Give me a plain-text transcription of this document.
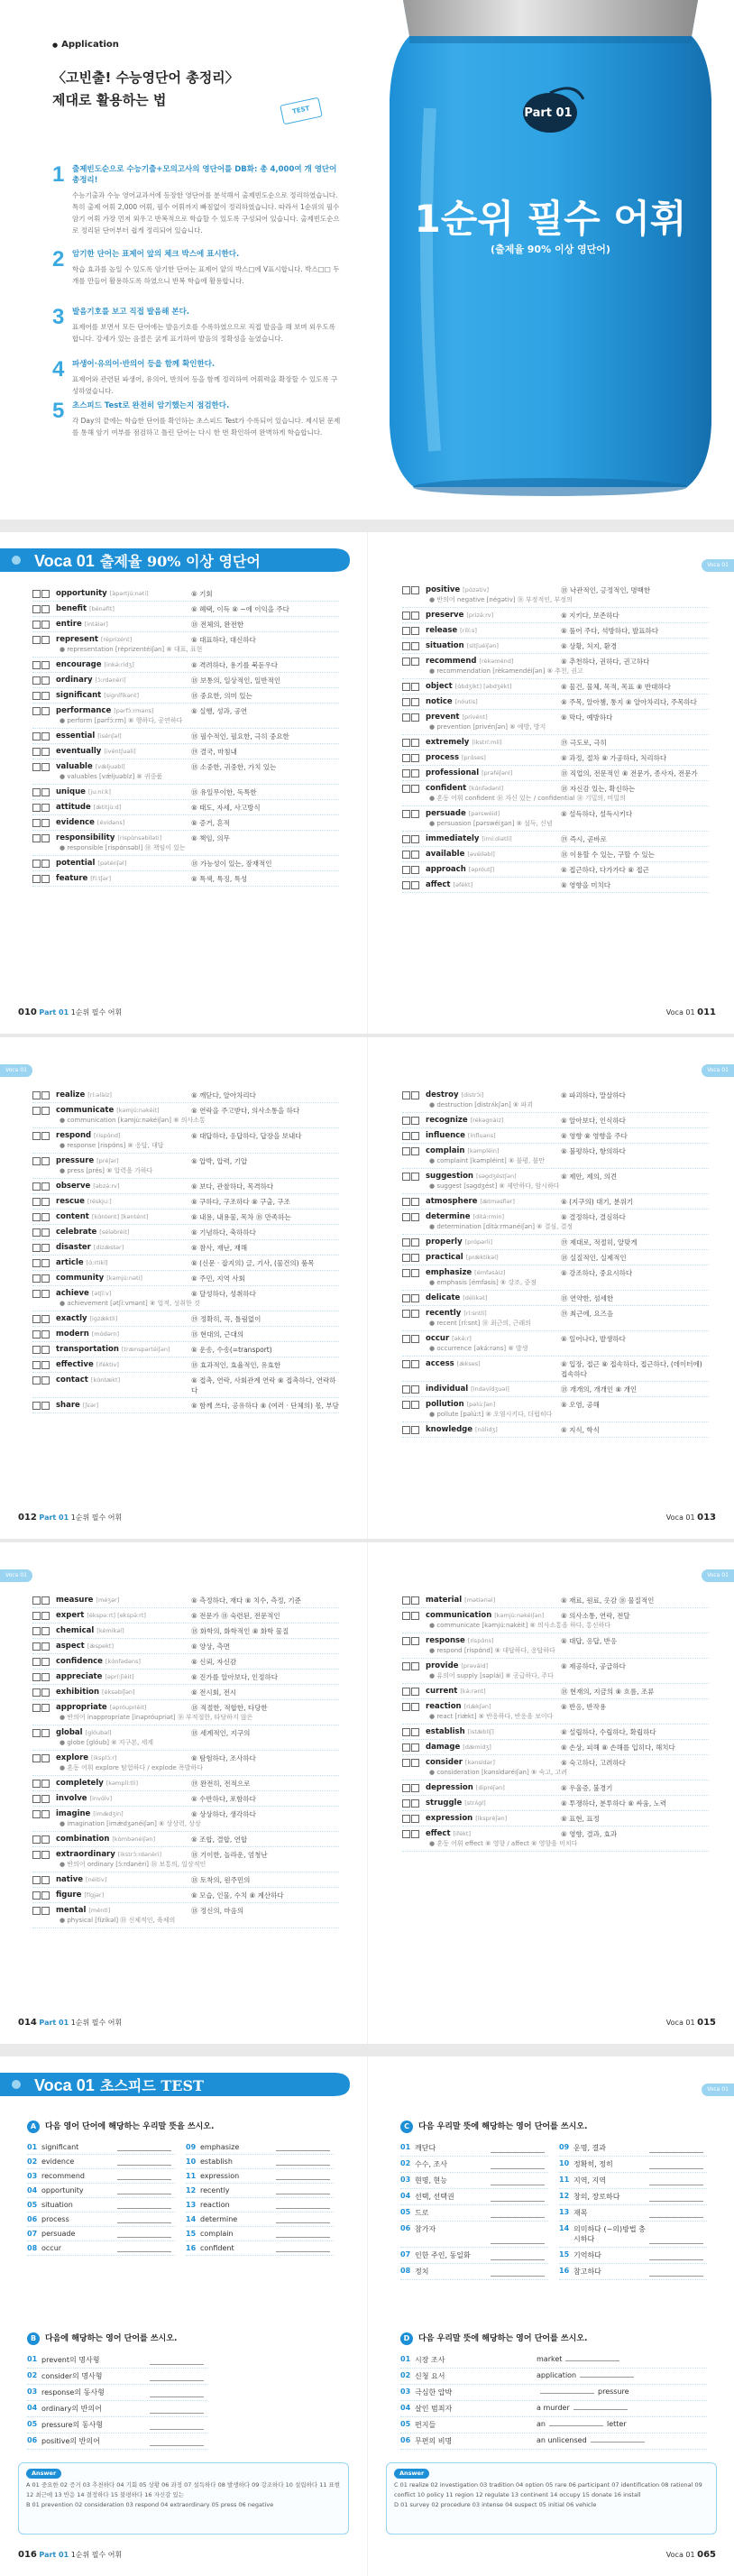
● Application
〈고빈출! 수능영단어 총정리〉
제대로 활용하는 법
TEST
1 출제빈도순으로 수능기출+모의고사의 영단어를 DB화: 총 4,000여 개 영단어 총정리!
수능기출과 수능 영어교과서에 등장한 영단어를 분석해서 출제빈도순으로 정리하였습니다. 특히 출제 어휘 2,000 어휘, 필수 어휘까지 빠짐없이 정리하였습니다. 따라서 1순위의 필수 암기 어휘 가장 먼저 외우고 반복적으로 학습할 수 있도록 구성되어 있습니다. 출제빈도순으로 정리된 단어부터 쉽게 정리되어 있습니다.
2 암기한 단어는 표제어 앞의 체크 박스에 표시한다.
학습 효과를 높일 수 있도록 암기한 단어는 표제어 앞의 박스□에 V표시합니다. 박스□□ 두 개를 만들어 활용하도록 하였으니 반복 학습에 활용합니다.
3 발음기호를 보고 직접 발음해 본다.
표제어를 보면서 모든 단어에는 발음기호를 수록하였으므로 직접 발음을 해 보며 외우도록 합니다. 강세가 있는 음절은 굵게 표기하여 발음의 정확성을 높였습니다.
4 파생어·유의어·반의어 등을 함께 확인한다.
표제어와 관련된 파생어, 유의어, 반의어 등을 함께 정리하여 어휘력을 확장할 수 있도록 구성하였습니다.
5 초스피드 Test로 완전히 암기했는지 점검한다.
각 Day의 끝에는 학습한 단어를 확인하는 초스피드 Test가 수록되어 있습니다. 제시된 문제를 통해 암기 여부를 점검하고 틀린 단어는 다시 한 번 확인하여 완벽하게 학습합니다.
Part 01
1순위 필수 어휘
(출제율 90% 이상 영단어)
Voca 01 출제율 90% 이상 영단어
opportunity [àpərtjúːnəti]	⑧ 기회
benefit [bénəfit]	⑧ 혜택, 이득 ⑧ ~에 이익을 주다
entire [intáiər]	⑱ 전체의, 완전한
represent [rèprizént]	⑧ 대표하다, 대신하다
● representation [rèprizentéiʃən] ⑧ 대표, 표현
encourage [inkə́ːridʒ]	⑧ 격려하다, 용기를 북돋우다
ordinary [ɔ́ːrdənèri]	⑱ 보통의, 일상적인, 일반적인
significant [signífikənt]	⑱ 중요한, 의미 있는
performance [pərfɔ́ːrməns]	⑧ 실행, 성과, 공연
● perform [pərfɔ́ːrm] ⑧ 행하다, 공연하다
essential [isénʃəl]	⑱ 필수적인, 필요한, 극히 중요한
eventually [ivéntʃuəli]	⑲ 결국, 마침내
valuable [vǽljuəbl]	⑱ 소중한, 귀중한, 가치 있는
● valuables [vǽljuəblz] ⑧ 귀중품
unique [juːníːk]	⑱ 유일무이한, 독특한
attitude [ǽtitjùːd]	⑧ 태도, 자세, 사고방식
evidence [évidəns]	⑧ 증거, 흔적
responsibility [rispɑ̀nsəbíləti]	⑧ 책임, 의무
● responsible [rispɑ́nsəbl] ⑱ 책임이 있는
potential [pəténʃəl]	⑱ 가능성이 있는, 잠재적인
feature [fíːtʃər]	⑧ 특색, 특징, 특성
010 Part 01 1순위 필수 어휘
Voca 01
positive [pɑ́zətiv]	⑱ 낙관적인, 긍정적인, 명백한
● 반의어 negative [négətiv] ⑱ 부정적인, 부정의
preserve [prizə́ːrv]	⑧ 지키다, 보존하다
release [rilíːs]	⑧ 풀어 주다, 석방하다, 발표하다
situation [sìtʃuéiʃən]	⑧ 상황, 처지, 환경
recommend [rèkəménd]	⑧ 추천하다, 권하다, 권고하다
● recommendation [rèkəmendéiʃən] ⑧ 추천, 권고
object [ɑ́bdʒikt] [əbdʒékt]	⑧ 물건, 물체, 목적, 목표 ⑧ 반대하다
notice [nóutis]	⑧ 주목, 알아챔, 통지 ⑧ 알아차리다, 주목하다
prevent [privént]	⑧ 막다, 예방하다
● prevention [privénʃən] ⑧ 예방, 방지
extremely [ikstríːmli]	⑲ 극도로, 극히
process [prɑ́ses]	⑧ 과정, 절차 ⑧ 가공하다, 처리하다
professional [prəféʃənl]	⑱ 직업의, 전문적인 ⑧ 전문가, 종사자, 전문가
confident [kɑ́nfədənt]	⑱ 자신감 있는, 확신하는
● 혼동 어휘 confident ⑱ 자신 있는 / confidential ⑱ 기밀의, 비밀의
persuade [pərswéid]	⑧ 설득하다, 설득시키다
● persuasion [pərswéiʒən] ⑧ 설득, 신념
immediately [imíːdiətli]	⑲ 즉시, 곧바로
available [əvéiləbl]	⑱ 이용할 수 있는, 구할 수 있는
approach [əpróutʃ]	⑧ 접근하다, 다가가다 ⑧ 접근
affect [əfékt]	⑧ 영향을 미치다
Voca 01 011
Voca 01
realize [ríːəlàiz]	⑧ 깨닫다, 알아차리다
communicate [kəmjúːnəkèit]	⑧ 연락을 주고받다, 의사소통을 하다
● communication [kəmjùːnəkéiʃən] ⑧ 의사소통
respond [rispɑ́nd]	⑧ 대답하다, 응답하다, 답장을 보내다
● response [rispɑ́ns] ⑧ 응답, 대답
pressure [préʃər]	⑧ 압박, 압력, 기압
● press [prés] ⑧ 압력을 가하다
observe [əbzə́ːrv]	⑧ 보다, 관찰하다, 목격하다
rescue [réskjuː]	⑧ 구하다, 구조하다 ⑧ 구출, 구조
content [kɑ́ntent] [kəntént]	⑧ 내용, 내용물, 목차 ⑱ 만족하는
celebrate [séləbrèit]	⑧ 기념하다, 축하하다
disaster [dizǽstər]	⑧ 참사, 재난, 재해
article [ɑ́ːrtikl]	⑧ (신문 · 잡지의) 글, 기사, (물건의) 품목
community [kəmjúːnəti]	⑧ 주민, 지역 사회
achieve [ətʃíːv]	⑧ 달성하다, 성취하다
● achievement [ətʃíːvmənt] ⑧ 업적, 성취한 것
exactly [igzǽktli]	⑲ 정확히, 꼭, 틀림없이
modern [mɑ́dərn]	⑱ 현대의, 근대의
transportation [trӕnspərtéiʃən]	⑧ 운송, 수송(=transport)
effective [iféktiv]	⑱ 효과적인, 효율적인, 유효한
contact [kɑ́ntӕkt]	⑧ 접촉, 연락, 사회관계 연락 ⑧ 접촉하다, 연락하다
share [ʃεər]	⑧ 함께 쓰다, 공유하다 ⑧ (여러 · 단체의) 몫, 부담
012 Part 01 1순위 필수 어휘
Voca 01
destroy [distrɔ́i]	⑧ 파괴하다, 말살하다
● destruction [distrʌ́kʃən] ⑧ 파괴
recognize [rékəgnàiz]	⑧ 알아보다, 인식하다
influence [ínfluəns]	⑧ 영향 ⑧ 영향을 주다
complain [kəmpléin]	⑧ 불평하다, 항의하다
● complaint [kəmpléint] ⑧ 불평, 불만
suggestion [səgdʒéstʃən]	⑧ 제안, 제의, 의견
● suggest [səgdʒést] ⑧ 제안하다, 암시하다
atmosphere [ǽtməsfìər]	⑧ (지구의) 대기, 분위기
determine [ditə́ːrmin]	⑧ 결정하다, 결심하다
● determination [ditə̀ːrmənéiʃən] ⑧ 결심, 결정
properly [prɑ́pərli]	⑲ 제대로, 적절히, 알맞게
practical [prǽktikəl]	⑱ 실질적인, 실제적인
emphasize [émfəsàiz]	⑧ 강조하다, 중요시하다
● emphasis [émfəsis] ⑧ 강조, 중점
delicate [délikət]	⑱ 연약한, 섬세한
recently [ríːsntli]	⑲ 최근에, 요즈음
● recent [ríːsnt] ⑱ 최근의, 근래의
occur [əkə́ːr]	⑧ 일어나다, 발생하다
● occurrence [əkə́ːrəns] ⑧ 발생
access [ǽkses]	⑧ 입장, 접근 ⑧ 접속하다, 접근하다, (데이터에) 접속하다
individual [ìndəvídʒuəl]	⑱ 개개의, 개개인 ⑧ 개인
pollution [pəlúːʃən]	⑧ 오염, 공해
● pollute [pəlúːt] ⑧ 오염시키다, 더럽히다
knowledge [nɑ́lidʒ]	⑧ 지식, 학식
Voca 01 013
Voca 01
measure [méʒər]	⑧ 측정하다, 재다 ⑧ 치수, 측정, 기준
expert [ékspəːrt] [ekspə́ːrt]	⑧ 전문가 ⑱ 숙련된, 전문적인
chemical [kémikəl]	⑱ 화학의, 화학적인 ⑧ 화학 물질
aspect [ǽspekt]	⑧ 양상, 측면
confidence [kɑ́nfədəns]	⑧ 신뢰, 자신감
appreciate [əpríːʃièit]	⑧ 진가를 알아보다, 인정하다
exhibition [èksəbíʃən]	⑧ 전시회, 전시
appropriate [əpróuprièit]	⑱ 적절한, 적합한, 타당한
● 반의어 inappropriate [ìnəpróupriət] ⑱ 부적절한, 타당하지 않은
global [glóubəl]	⑱ 세계적인, 지구의
● globe [glóub] ⑧ 지구본, 세계
explore [iksplɔ́ːr]	⑧ 탐험하다, 조사하다
● 혼동 어휘 explore 탐험하다 / explode 폭발하다
completely [kəmplíːtli]	⑲ 완전히, 전적으로
involve [invɑ́lv]	⑧ 수반하다, 포함하다
imagine [imǽdʒin]	⑧ 상상하다, 생각하다
● imagination [imæ̀dʒənéiʃən] ⑧ 상상력, 상상
combination [kɑ̀mbənéiʃən]	⑧ 조합, 결합, 연합
extraordinary [ikstrɔ́ːrdənèri]	⑱ 기이한, 놀라운, 엄청난
● 반의어 ordinary [ɔ́ːrdənèri] ⑱ 보통의, 일상적인
native [néitiv]	⑱ 토착의, 원주민의
figure [fígjər]	⑧ 모습, 인물, 수치 ⑧ 계산하다
mental [méntl]	⑱ 정신의, 마음의
● physical [fízikəl] ⑱ 신체적인, 육체의
014 Part 01 1순위 필수 어휘
Voca 01
material [mətíəriəl]	⑧ 재료, 원료, 옷감 ⑱ 물질적인
communication [kəmjùːnəkéiʃən]	⑧ 의사소통, 연락, 전달
● communicate [kəmjúːnəkèit] ⑧ 의사소통을 하다, 통신하다
response [rispɑ́ns]	⑧ 대답, 응답, 반응
● respond [rispɑ́nd] ⑧ 대답하다, 응답하다
provide [prəváid]	⑧ 제공하다, 공급하다
● 유의어 supply [səplái] ⑧ 공급하다, 주다
current [kə́ːrənt]	⑱ 현재의, 지금의 ⑧ 흐름, 조류
reaction [riǽkʃən]	⑧ 반응, 반작용
● react [riǽkt] ⑧ 반응하다, 반응을 보이다
establish [istǽbliʃ]	⑧ 설립하다, 수립하다, 확립하다
damage [dǽmidʒ]	⑧ 손상, 피해 ⑧ 손해를 입히다, 해치다
consider [kənsídər]	⑧ 숙고하다, 고려하다
● consideration [kənsìdəréiʃən] ⑧ 숙고, 고려
depression [dipréʃən]	⑧ 우울증, 불경기
struggle [strʌ́gl]	⑧ 투쟁하다, 분투하다 ⑧ 싸움, 노력
expression [ikspréʃən]	⑧ 표현, 표정
effect [ifékt]	⑧ 영향, 결과, 효과
● 혼동 어휘 effect ⑧ 영향 / affect ⑧ 영향을 미치다
Voca 01 015
Voca 01 초스피드 TEST
A 다음 영어 단어에 해당하는 우리말 뜻을 쓰시오.
01 significant	09 emphasize
02 evidence	10 establish
03 recommend	11 expression
04 opportunity	12 recently
05 situation	13 reaction
06 process	14 determine
07 persuade	15 complain
08 occur	16 confident
B 다음에 해당하는 영어 단어를 쓰시오.
01 prevent의 명사형
02 consider의 명사형
03 response의 동사형
04 ordinary의 반의어
05 pressure의 동사형
06 positive의 반의어
Answer
A 01 중요한 02 증거 03 추천하다 04 기회 05 상황 06 과정 07 설득하다 08 발생하다 09 강조하다 10 설립하다 11 표현 12 최근에 13 반응 14 결정하다 15 불평하다 16 자신감 있는
B 01 prevention 02 consideration 03 respond 04 extraordinary 05 press 06 negative
016 Part 01 1순위 필수 어휘
Voca 01
C 다음 우리말 뜻에 해당하는 영어 단어를 쓰시오.
01 깨닫다	09 운명, 결과
02 수수, 조사	10 정확히, 정히
03 현명, 현능	11 지역, 지역
04 선택, 선택권	12 창의, 장로하다
05 드로	13 재목
06 참가자	14 의미하다 (~의)방법 충시하다
07 인한 주인, 동일화	15 기억하다
08 정치	16 참고하다
D 다음 우리말 뜻에 해당하는 영어 단어를 쓰시오.
01 시장 조사	market
02 신청 요서	application
03 극심한 압박	pressure
04 살인 범죄자	a murder
05 편지들	an	letter
06 무편의 비명	an unlicensed
Answer
C 01 realize 02 investigation 03 tradition 04 option 05 rare 06 participant 07 identification 08 rational 09 conflict 10 policy 11 region 12 regulate 13 continent 14 occupy 15 donate 16 install
D 01 survey 02 procedure 03 intense 04 suspect 05 initial 06 vehicle
Voca 01 065
